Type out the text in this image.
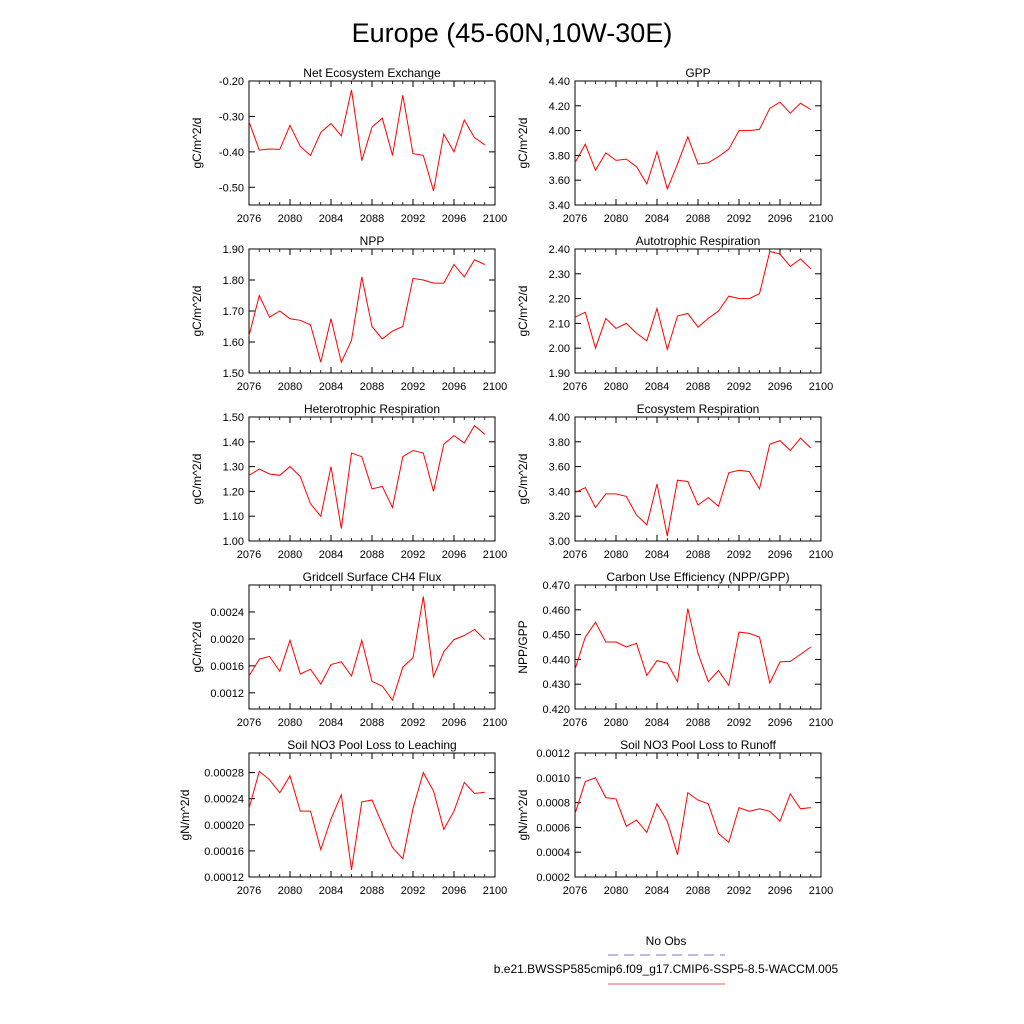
Europe (45-60N,10W-30E)
Net Ecosystem Exchange
2076 2080 2084 2088 2092 2096 2100
-0.20
-0.30
-0.40
-0.50
gC/m^2/d
GPP
2076 2080 2084 2088 2092 2096 2100
3.40
3.60
3.80
4.00
4.20
4.40
gC/m^2/d
NPP
2076 2080 2084 2088 2092 2096 2100
1.50
1.60
1.70
1.80
1.90
gC/m^2/d
Autotrophic Respiration
2076 2080 2084 2088 2092 2096 2100
1.90
2.00
2.10
2.20
2.30
2.40
gC/m^2/d
Heterotrophic Respiration
2076 2080 2084 2088 2092 2096 2100
1.00
1.10
1.20
1.30
1.40
1.50
gC/m^2/d
Ecosystem Respiration
2076 2080 2084 2088 2092 2096 2100
3.00
3.20
3.40
3.60
3.80
4.00
gC/m^2/d
Gridcell Surface CH4 Flux
2076 2080 2084 2088 2092 2096 2100
0.0012
0.0016
0.0020
0.0024
gC/m^2/d
Carbon Use Efficiency (NPP/GPP)
2076 2080 2084 2088 2092 2096 2100
0.420
0.430
0.440
0.450
0.460
0.470
NPP/GPP
Soil NO3 Pool Loss to Leaching
2076 2080 2084 2088 2092 2096 2100
0.00012
0.00016
0.00020
0.00024
0.00028
gN/m^2/d
Soil NO3 Pool Loss to Runoff
2076 2080 2084 2088 2092 2096 2100
0.0002
0.0004
0.0006
0.0008
0.0010
0.0012
gN/m^2/d
No Obs
b.e21.BWSSP585cmip6.f09_g17.CMIP6-SSP5-8.5-WACCM.005
